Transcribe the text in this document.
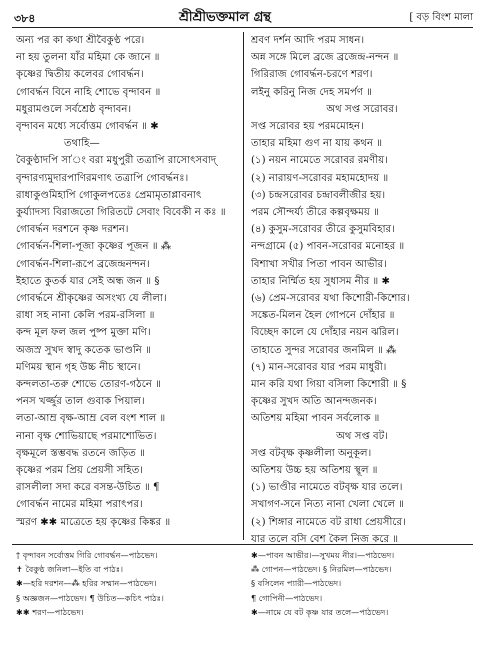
৩৮৪	শ্রীশ্রীভক্তমাল গ্রন্থ	[ বড় বিংশ মালা
অন্য পর কা কথা শ্রীবৈকুণ্ঠ পরে।
না হয় তুলনা যাঁর মহিমা কে জানে ॥
কৃষ্ণের দ্বিতীয় কলেবর গোবর্দ্ধন।
গোবর্দ্ধন বিনে নাহি শোভে বৃন্দাবন ॥
মধুরামণ্ডলে সর্বশ্রেষ্ঠ বৃন্দাবন।
বৃন্দাবন মধ্যে সর্বোত্তম গোবর্দ্ধন ॥ ✱
তথাহি—
বৈকুণ্ঠাদপি সা'ং বরা মধুপুরী তত্রাপি রাসোৎসবাদ্
বৃন্দারণ্যমুদারপাণিরমণাৎ তত্রাপি গোবর্দ্ধনঃ।
রাধাকুণ্ডমিহাপি গোকুলপতেঃ প্রেমামৃতাপ্লাবনাৎ
কুর্য্যাদস্য বিরাজতো গিরিতটে সেবাং বিবেকী ন কঃ ॥
গোবর্দ্ধন দরশনে কৃষ্ণ দরশন।
গোবর্দ্ধন-শিলা-পূজা কৃষ্ণের পূজন ॥ ⁂
গোবর্দ্ধন-শিলা-রূপে ব্রজেন্দ্রনন্দন।
ইহাতে কুতর্ক যার সেই অন্ধ জন ॥ §
গোবর্দ্ধনে শ্রীকৃষ্ণের অসংখ্য যে লীলা।
রাধা সহ নানা কেলি পরম-রসিলা ॥
কন্দ মূল ফল জল পুষ্প মুক্তা মণি।
অজস্র সুখদ স্বাদু কতেক ভাণ্ডনি ॥
মণিময় স্থান গৃহ উচ্চ নীচ স্থানে।
কন্দলতা-তরু শোভে তোরণ-গঠনে ॥
পনস খর্জ্জুর তাল গুবাক পিয়াল।
লতা-আম্র বৃক্ষ-আম্র বেল বংশ শাল ॥
নানা বৃক্ষ শোভিয়াছে পরমাশোভিত।
বৃক্ষমূলে স্তম্ভবদ্ধ রতনে জড়িত ॥
কৃষ্ণের পরম প্রিয় প্রেয়সী সহিত।
রাসলীলা সদা করে বসন্ত-উচিত ॥ ¶
গোবর্দ্ধন নামের মহিমা পরাৎপর।
স্মরণ ✱✱ মাত্রেতে হয় কৃষ্ণের কিঙ্কর ॥
শ্রবণ দর্শন আদি পরম সাধন।
অন্ন সঙ্গে মিলে ব্রজে ব্রজেন্দ্র-নন্দন ॥
গিরিরাজ গোবর্দ্ধন-চরণে শরণ।
লইনু করিনু নিজ দেহ সমর্পণ ॥
অথ সপ্ত সরোবর।
সপ্ত সরোবর হয় পরমমোহন।
তাহার মহিমা গুণ না যায় কথন ॥
(১) নয়ন নামেতে সরোবর রমণীয়।
(২) নারায়ণ-সরোবর মহামহোদয় ॥
(৩) চন্দ্রসরোবর চন্দ্রাবলীজীর হয়।
পরম সৌন্দর্য্য তীরে কল্পবৃক্ষময় ॥
(৪) কুসুম-সরোবর তীরে কুসুমবিহার।
নন্দগ্রামে (৫) পাবন-সরোবর মনোহর ॥
বিশাখা সখীর পিতা পাবন আভীর।
তাহার নির্ম্মিত হয় সুধাসম নীর ॥ ✱
(৬) প্রেম-সরোবর যথা কিশোরী-কিশোর।
সঙ্কেত-মিলন হৈল গোপনে দোঁহার ॥
বিচ্ছেদ কালে যে দোঁহার নয়ন ঝরিল।
তাহাতে সুন্দর সরোবর জনমিল ॥ ⁂
(৭) মান-সরোবর যার পরম মাধুরী।
মান করি যথা গিয়া বসিলা কিশোরী ॥ §
কৃষ্ণের সুখদ অতি আনন্দজনক।
অতিশয় মহিমা পাবন সর্বলোক ॥
অথ সপ্ত বট।
সপ্ত বটবৃক্ষ কৃষ্ণলীলা অনুকূল।
অতিশয় উচ্চ হয় অতিশয় স্থূল ॥
(১) ভাণ্ডীর নামেতে বটবৃক্ষ যার তলে।
সখাগণ-সনে নিত্য নানা খেলা খেলে ॥
(২) শিঙ্গার নামেতে বট রাধা প্রেয়সীরে।
যার তলে বসি বেশ কৈল নিজ করে ॥
† বৃন্দাবন সর্বোত্তম গিরি গোবর্দ্ধন—পাঠভেদ।
✝ বৈকুণ্ঠ জনিলা—ইতি বা পাঠঃ।
✱—হরি দরশন—⁂ হরির সম্মান—পাঠভেদ।
§ অজ্ঞজন—পাঠভেদ। ¶ উচিত—কচিৎ পাঠঃ।
✱✱ শরণ—পাঠভেদ।
✱—পাবন আভীর।—সুখময় নীর।—পাঠভেদ।
⁂ গোপন—পাঠভেদ। § নিরমিল—পাঠভেদ।
§ বসিলেন প্যারী—পাঠভেদ।
¶ গোপিনী—পাঠভেদ।
✱—নামে যে বট কৃষ্ণ যার তলে—পাঠভেদ।
